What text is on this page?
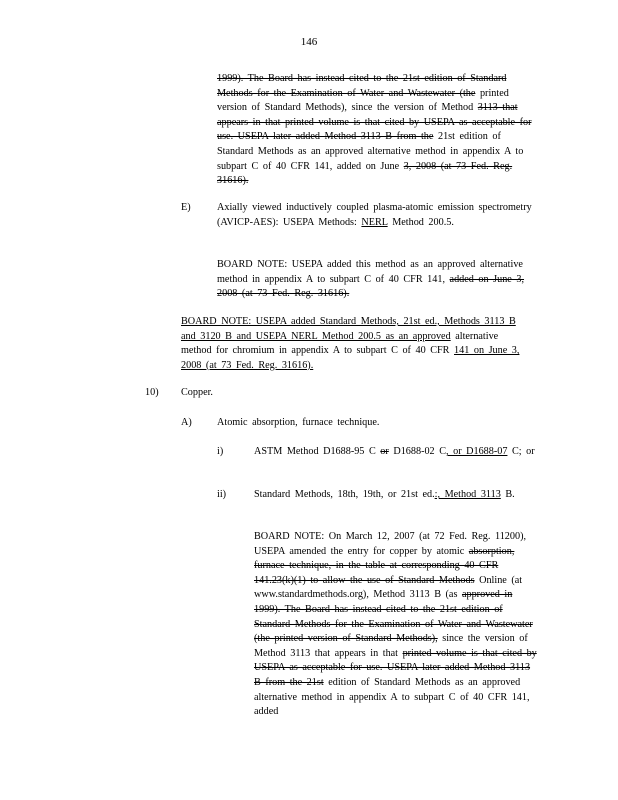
146
1999). The Board has instead cited to the 21st edition of Standard Methods for the Examination of Water and Wastewater (the printed version of Standard Methods), since the version of Method 3113 that appears in that printed volume is that cited by USEPA as acceptable for use. USEPA later added Method 3113 B from the 21st edition of Standard Methods as an approved alternative method in appendix A to subpart C of 40 CFR 141, added on June 3, 2008 (at 73 Fed. Reg. 31616).
E)	Axially viewed inductively coupled plasma-atomic emission spectrometry (AVICP-AES): USEPA Methods: NERL Method 200.5.
BOARD NOTE: USEPA added this method as an approved alternative method in appendix A to subpart C of 40 CFR 141, added on June 3, 2008 (at 73 Fed. Reg. 31616).
BOARD NOTE: USEPA added Standard Methods, 21st ed., Methods 3113 B and 3120 B and USEPA NERL Method 200.5 as an approved alternative method for chromium in appendix A to subpart C of 40 CFR 141 on June 3, 2008 (at 73 Fed. Reg. 31616).
10) Copper.
A) Atomic absorption, furnace technique.
i)	ASTM Method D1688-95 C or D1688-02 C, or D1688-07 C; or
ii)	Standard Methods, 18th, 19th, or 21st ed.:, Method 3113 B.
BOARD NOTE: On March 12, 2007 (at 72 Fed. Reg. 11200), USEPA amended the entry for copper by atomic absorption, furnace technique, in the table at corresponding 40 CFR 141.23(k)(1) to allow the use of Standard Methods Online (at www.standardmethods.org), Method 3113 B (as approved in 1999). The Board has instead cited to the 21st edition of Standard Methods for the Examination of Water and Wastewater (the printed version of Standard Methods), since the version of Method 3113 that appears in that printed volume is that cited by USEPA as acceptable for use. USEPA later added Method 3113 B from the 21st edition of Standard Methods as an approved alternative method in appendix A to subpart C of 40 CFR 141, added
